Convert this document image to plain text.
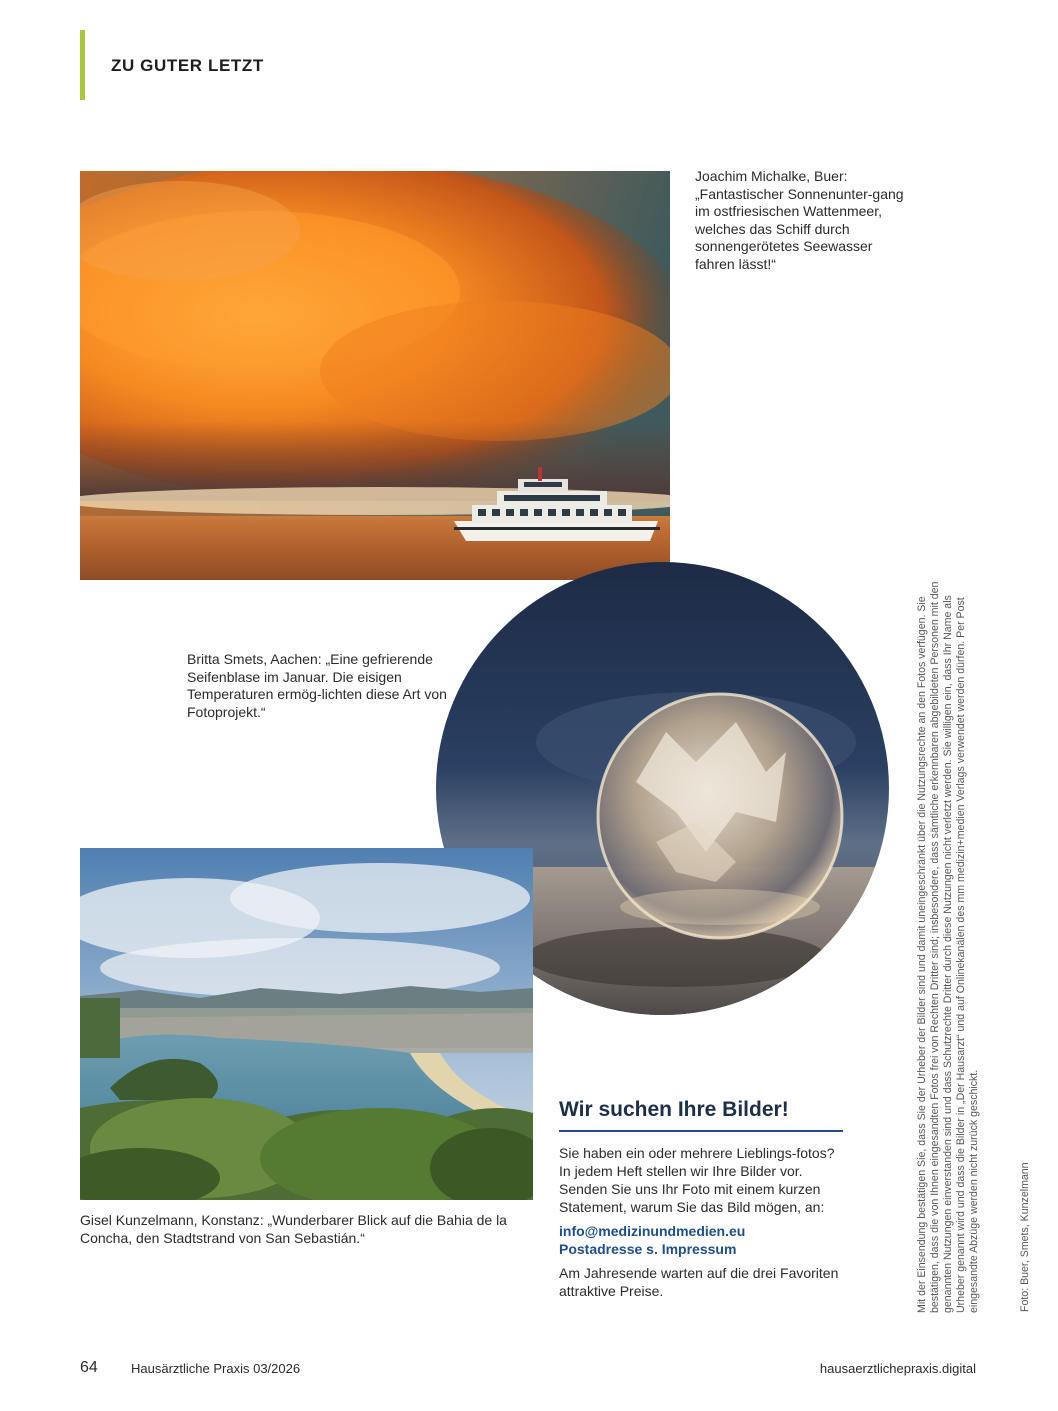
ZU GUTER LETZT
Joachim Michalke, Buer: „Fantastischer Sonnenunter-gang im ostfriesischen Wattenmeer, welches das Schiff durch sonnengerötetes Seewasser fahren lässt!“
Britta Smets, Aachen: „Eine gefrierende Seifenblase im Januar. Die eisigen Temperaturen ermög-lichten diese Art von Fotoprojekt.“
Gisel Kunzelmann, Konstanz: „Wunderbarer Blick auf die Bahia de la Concha, den Stadtstrand von San Sebastián.“
Wir suchen Ihre Bilder!
Sie haben ein oder mehrere Lieblings-fotos? In jedem Heft stellen wir Ihre Bilder vor. Senden Sie uns Ihr Foto mit einem kurzen Statement, warum Sie das Bild mögen, an:
info@medizinundmedien.eu
Postadresse s. Impressum
Am Jahresende warten auf die drei Favoriten attraktive Preise.	Mit der Einsendung bestätigen Sie, dass Sie der Urheber der Bilder sind und damit uneingeschränkt über die Nutzungsrechte an den Fotos verfügen. Sie bestätigen, dass die von Ihnen eingesandten Fotos frei von Rechten Dritter sind; insbesondere, dass sämtliche erkennbaren abgebildeten Personen mit den genannten Nutzungen einverstanden sind und dass Schutzrechte Dritter durch diese Nutzungen nicht verletzt werden. Sie willigen ein, dass Ihr Name als Urheber genannt wird und dass die Bilder in „Der Hausarzt“ und auf Onlinekanälen des mm medizin+medien Verlags verwendet werden dürfen. Per Post eingesandte Abzüge werden nicht zurück geschickt.	Foto: Buer, Smets, Kunzelmann
64	Hausärztliche Praxis 03/2026	hausaerztlichepraxis.digital
